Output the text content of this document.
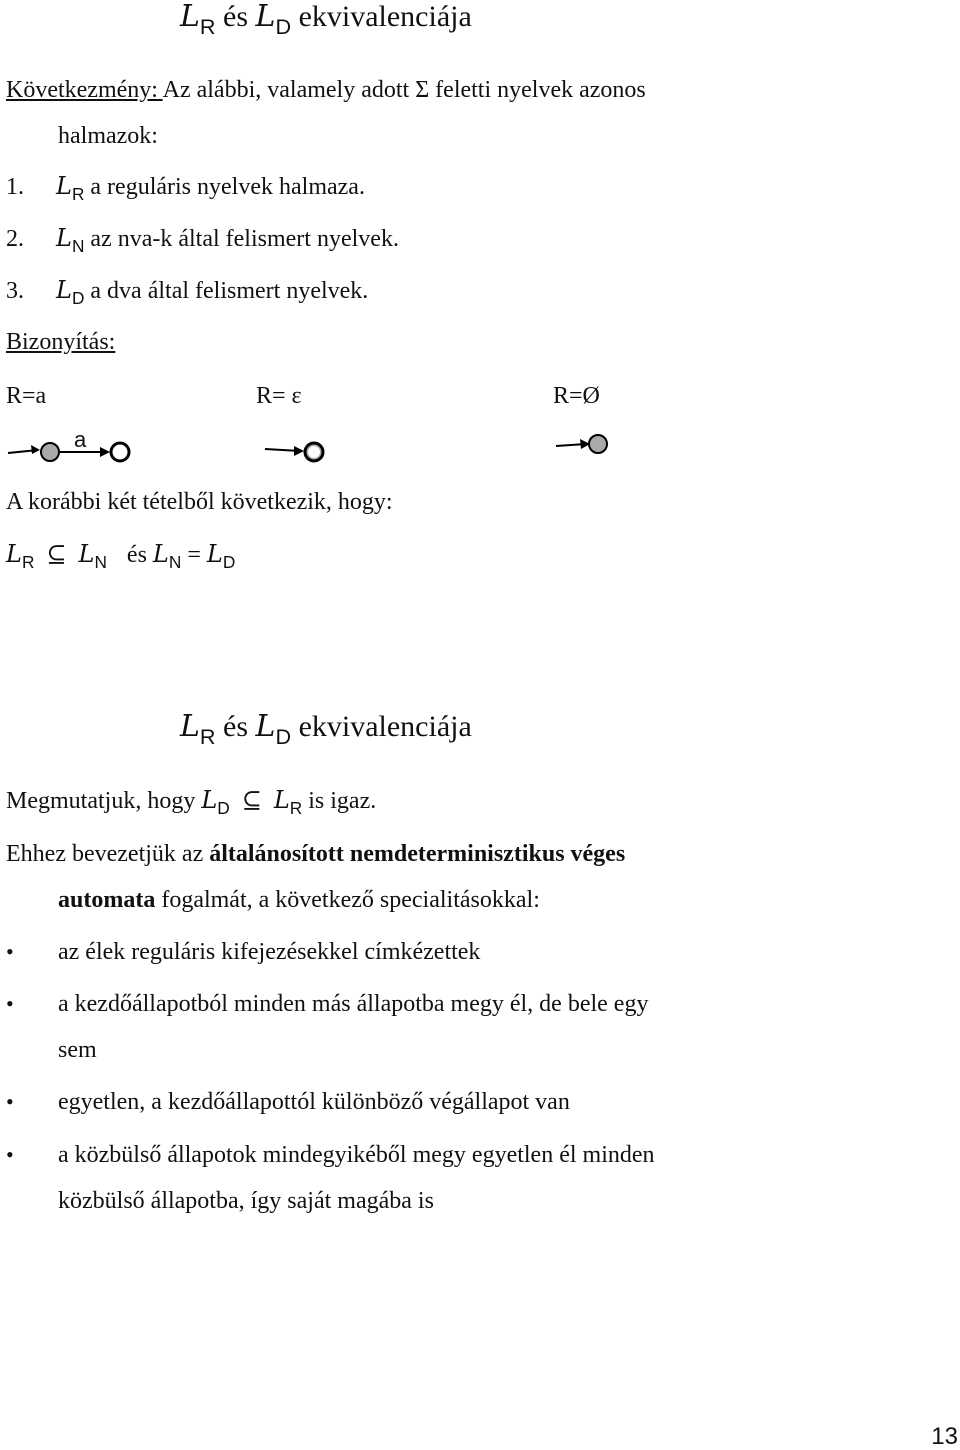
$L_R$ és $L_D$ ekvivalenciája
Következmény: Az alábbi, valamely adott Σ feletti nyelvek azonos
halmazok:
1. $L_R$ a reguláris nyelvek halmaza.
2. $L_N$ az nva-k által felismert nyelvek.
3. $L_D$ a dva által felismert nyelvek.
Bizonyítás:
R=a	R= ε	R=Ø
a
A korábbi két tételből következik, hogy:
$L_R$ ⊆ $L_N$ és $L_N = L_D$
$L_R$ és $L_D$ ekvivalenciája
Megmutatjuk, hogy $L_D$ ⊆ $L_R$ is igaz.
Ehhez bevezetjük az általánosított nemdeterminisztikus véges
automata fogalmát, a következő specialitásokkal:
• az élek reguláris kifejezésekkel címkézettek
• a kezdőállapotból minden más állapotba megy él, de bele egy
sem
• egyetlen, a kezdőállapottól különböző végállapot van
• a közbülső állapotok mindegyikéből megy egyetlen él minden
közbülső állapotba, így saját magába is
13
